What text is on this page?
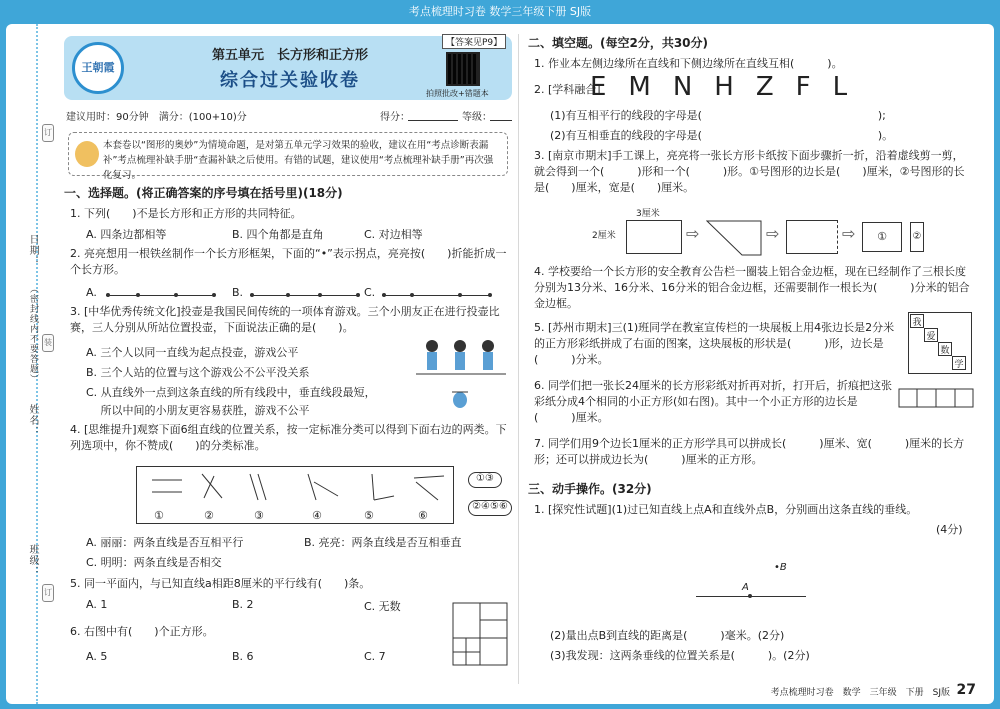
考点梳理时习卷 数学三年级下册 SJ版
日期：
（密封线内不要答题）
姓名：
班级：
订
装
订
王朝霞
第五单元　长方形和正方形
综合过关验收卷
【答案见P9】
拍照批改+错题本
建议用时：90分钟　满分：(100+10)分	得分：	等级：
本套卷以“图形的奥妙”为情境命题，是对第五单元学习效果的验收，建议在用“考点诊断表漏补”考点梳理补缺手册“查漏补缺之后使用。有错的试题，建议使用“考点梳理补缺手册”再次强化复习。
一、选择题。(将正确答案的序号填在括号里)(18分)
1. 下列(　　)不是长方形和正方形的共同特征。
A. 四条边都相等	B. 四个角都是直角	C. 对边相等
2. 亮亮想用一根铁丝制作一个长方形框架，下面的“•”表示拐点，亮亮按(　　)折能折成一个长方形。
A.	B.	C.
3. [中华优秀传统文化]投壶是我国民间传统的一项体育游戏。三个小朋友正在进行投壶比赛，三人分别从所站位置投壶，下面说法正确的是(　　)。
A. 三个人以同一直线为起点投壶，游戏公平
B. 三个人站的位置与这个游戏公不公平没关系
C. 从直线外一点到这条直线的所有线段中，垂直线段最短，
　 所以中间的小朋友更容易获胜，游戏不公平
4. [思维提升]观察下面6组直线的位置关系，按一定标准分类可以得到下面右边的两类。下列选项中，你不赞成(　　)的分类标准。
①	②	③	④	⑤	⑥
①③
②④⑤⑥
A. 丽丽：两条直线是否互相平行	B. 亮亮：两条直线是否互相垂直
C. 明明：两条直线是否相交
5. 同一平面内，与已知直线a相距8厘米的平行线有(　　)条。
A. 1	B. 2	C. 无数
6. 右图中有(　　)个正方形。
A. 5	B. 6	C. 7
二、填空题。(每空2分，共30分)
1. 作业本左侧边缘所在直线和下侧边缘所在直线互相(　　　)。
2. [学科融合]
EMNHZFL
(1)有互相平行的线段的字母是(　　　　　　　　　　　　　　　　);
(2)有互相垂直的线段的字母是(　　　　　　　　　　　　　　　　)。
3. [南京市期末]手工课上，亮亮将一张长方形卡纸按下面步骤折一折，沿着虚线剪一剪，就会得到一个(　　　)形和一个(　　　)形。①号图形的边长是(　　)厘米，②号图形的长是(　　)厘米，宽是(　　)厘米。
3厘米
2厘米	⇨	⇨	⇨	①	②
4. 学校要给一个长方形的安全教育公告栏一圈装上铝合金边框，现在已经制作了三根长度分别为13分米、16分米、16分米的铝合金边框，还需要制作一根长为(　　　)分米的铝合金边框。
5. [苏州市期末]三(1)班同学在教室宣传栏的一块展板上用4张边长是2分米的正方形彩纸拼成了右面的图案，这块展板的形状是(　　　)形，边长是(　　　)分米。
我
爱
数
学
6. 同学们把一张长24厘米的长方形彩纸对折再对折，打开后，折痕把这张彩纸分成4个相同的小正方形(如右图)。其中一个小正方形的边长是(　　　)厘米。
7. 同学们用9个边长1厘米的正方形学具可以拼成长(　　　)厘米、宽(　　　)厘米的长方形；还可以拼成边长为(　　　)厘米的正方形。
三、动手操作。(32分)
1. [探究性试题](1)过已知直线上点A和直线外点B，分别画出这条直线的垂线。
(4分)
•B
A
(2)量出点B到直线的距离是(　　　)毫米。(2分)
(3)我发现：这两条垂线的位置关系是(　　　)。(2分)
考点梳理时习卷　数学　三年级　下册　SJ版 27
